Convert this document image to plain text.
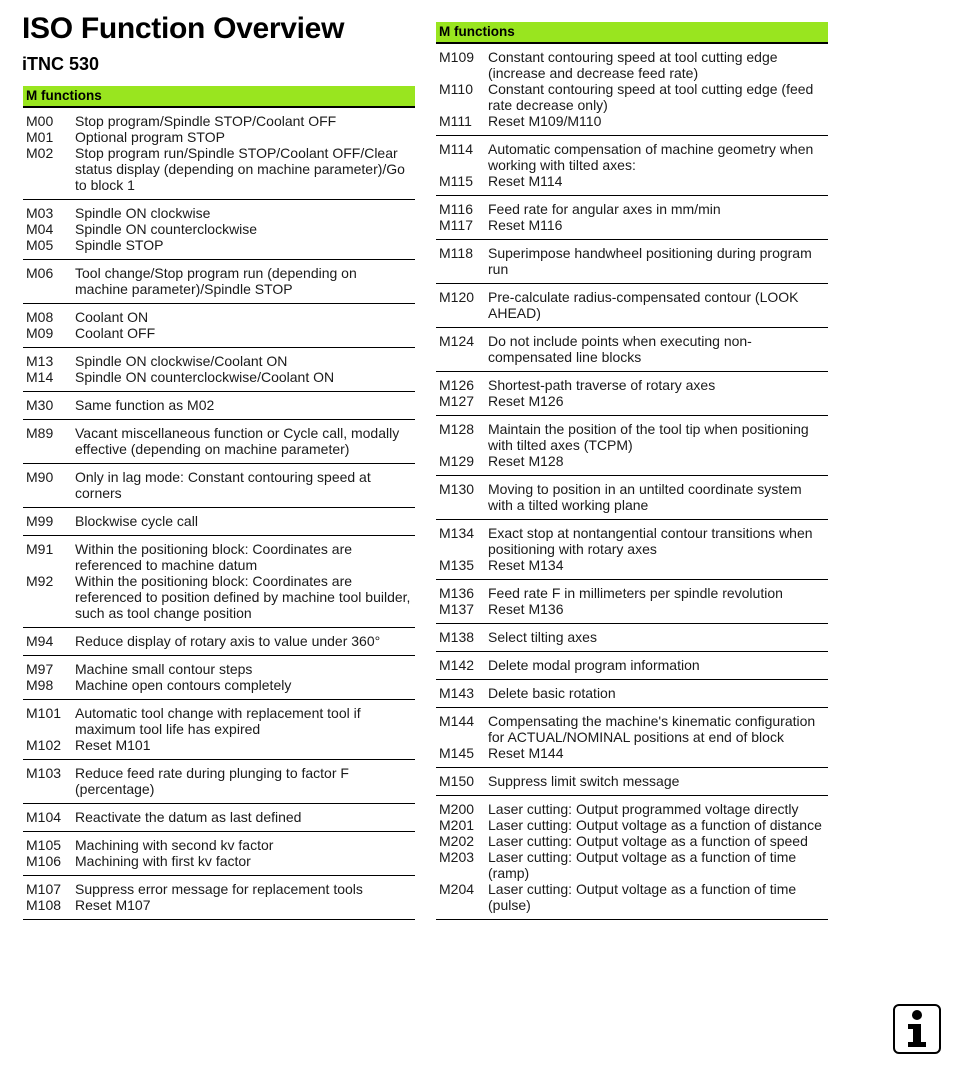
ISO Function Overview
iTNC 530
M functions
M00	Stop program/Spindle STOP/Coolant OFF
M01	Optional program STOP
M02	Stop program run/Spindle STOP/Coolant OFF/Clear status display (depending on machine parameter)/Go to block 1
M03	Spindle ON clockwise
M04	Spindle ON counterclockwise
M05	Spindle STOP
M06	Tool change/Stop program run (depending on machine parameter)/Spindle STOP
M08	Coolant ON
M09	Coolant OFF
M13	Spindle ON clockwise/Coolant ON
M14	Spindle ON counterclockwise/Coolant ON
M30	Same function as M02
M89	Vacant miscellaneous function or Cycle call, modally effective (depending on machine parameter)
M90	Only in lag mode: Constant contouring speed at corners
M99	Blockwise cycle call
M91	Within the positioning block: Coordinates are referenced to machine datum
M92	Within the positioning block: Coordinates are referenced to position defined by machine tool builder, such as tool change position
M94	Reduce display of rotary axis to value under 360°
M97	Machine small contour steps
M98	Machine open contours completely
M101 Automatic tool change with replacement tool if maximum tool life has expired
M102 Reset M101
M103 Reduce feed rate during plunging to factor F (percentage)
M104 Reactivate the datum as last defined
M105 Machining with second kv factor
M106 Machining with first kv factor
M107 Suppress error message for replacement tools
M108 Reset M107
M functions
M109 Constant contouring speed at tool cutting edge (increase and decrease feed rate)
M110	Constant contouring speed at tool cutting edge (feed rate decrease only)
M111	Reset M109/M110
M114	Automatic compensation of machine geometry when working with tilted axes:
M115	Reset M114
M116	Feed rate for angular axes in mm/min
M117	Reset M116
M118	Superimpose handwheel positioning during program run
M120 Pre-calculate radius-compensated contour (LOOK AHEAD)
M124 Do not include points when executing non-compensated line blocks
M126 Shortest-path traverse of rotary axes
M127 Reset M126
M128 Maintain the position of the tool tip when positioning with tilted axes (TCPM)
M129 Reset M128
M130 Moving to position in an untilted coordinate system with a tilted working plane
M134 Exact stop at nontangential contour transitions when positioning with rotary axes
M135 Reset M134
M136 Feed rate F in millimeters per spindle revolution
M137 Reset M136
M138 Select tilting axes
M142 Delete modal program information
M143 Delete basic rotation
M144 Compensating the machine's kinematic configuration for ACTUAL/NOMINAL positions at end of block
M145 Reset M144
M150 Suppress limit switch message
M200 Laser cutting: Output programmed voltage directly
M201 Laser cutting: Output voltage as a function of distance
M202 Laser cutting: Output voltage as a function of speed
M203 Laser cutting: Output voltage as a function of time (ramp)
M204 Laser cutting: Output voltage as a function of time (pulse)
